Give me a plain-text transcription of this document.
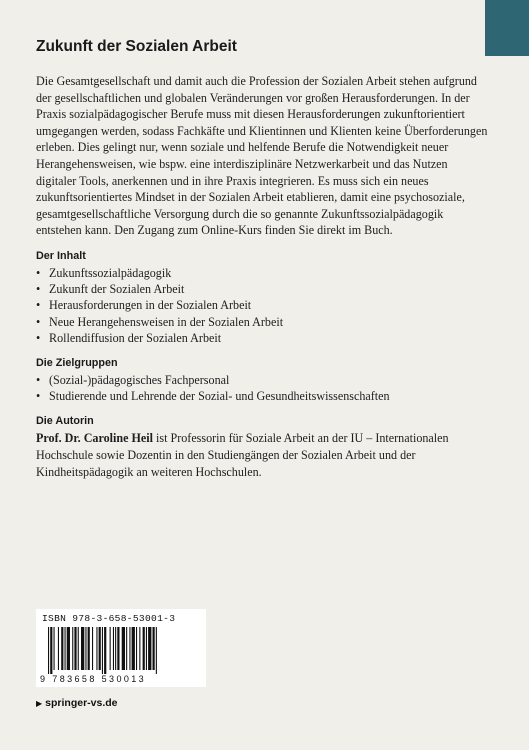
Zukunft der Sozialen Arbeit

Die Gesamtgesellschaft und damit auch die Profession der Sozialen Arbeit stehen aufgrund der gesellschaftlichen und globalen Veränderungen vor großen Herausforderungen. In der Praxis sozialpädagogischer Berufe muss mit diesen Herausforderungen zukunftorientiert umgegangen werden, sodass Fachkäfte und Klientinnen und Klienten keine Überforderungen erleben. Dies gelingt nur, wenn soziale und helfende Berufe die Notwendigkeit neuer Herangehensweisen, wie bspw. eine interdisziplinäre Netzwerkarbeit und das Nutzen digitaler Tools, anerkennen und in ihre Praxis integrieren. Es muss sich ein neues zukunftsorientiertes Mindset in der Sozialen Arbeit etablieren, damit eine psychosoziale, gesamtgesellschaftliche Versorgung durch die so genannte Zukunftssozialpädagogik entstehen kann. Den Zugang zum Online-Kurs finden Sie direkt im Buch.

Der Inhalt
• Zukunftssozialpädagogik
• Zukunft der Sozialen Arbeit
• Herausforderungen in der Sozialen Arbeit
• Neue Herangehensweisen in der Sozialen Arbeit
• Rollendiffusion der Sozialen Arbeit
Die Zielgruppen
• (Sozial-)pädagogisches Fachpersonal
• Studierende und Lehrende der Sozial- und Gesundheitswissenschaften
Die Autorin

Prof. Dr. Caroline Heil ist Professorin für Soziale Arbeit an der IU – Internationalen Hochschule sowie Dozentin in den Studiengängen der Sozialen Arbeit und der Kindheitspädagogik an weiteren Hochschulen.

ISBN 978-3-658-53001-3
9 783658 530013
▶ springer-vs.de
